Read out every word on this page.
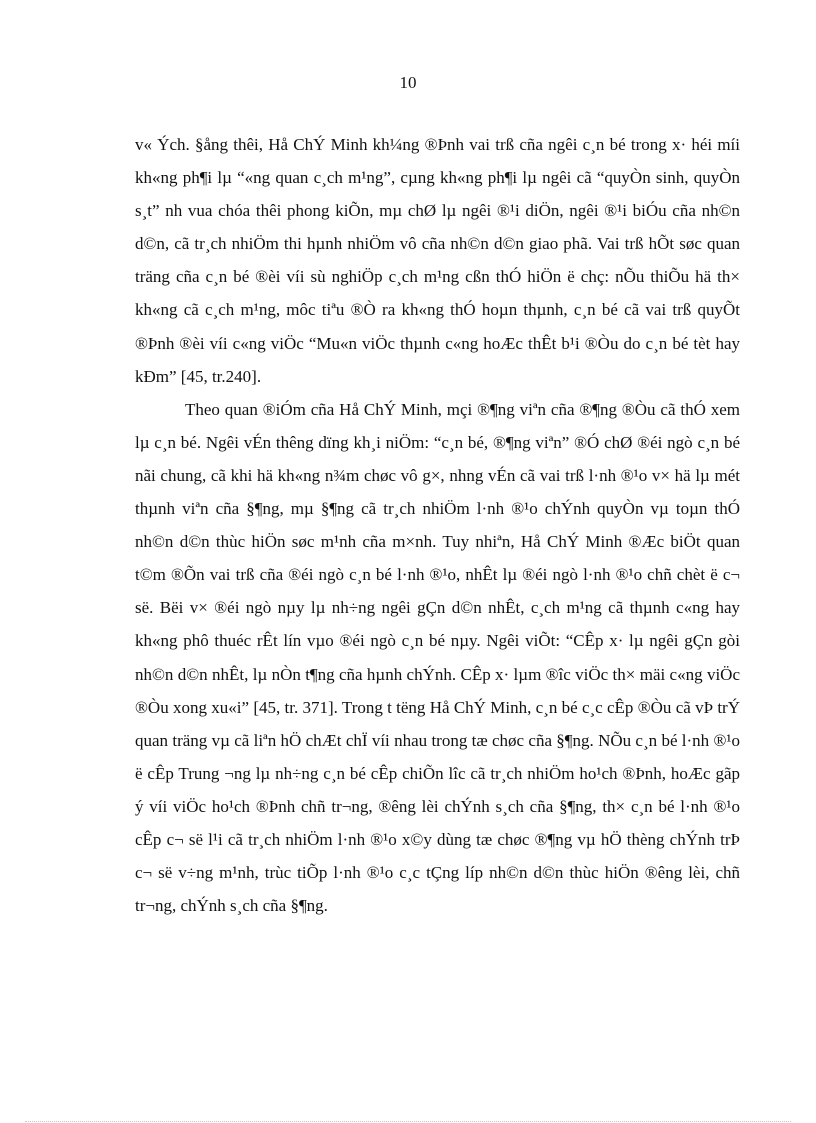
10

v« Ých. §ång thêi, Hå ChÝ Minh kh¼ng ®Þnh vai trß cña ngêi c¸n bé trong x· héi míi kh«ng ph¶i lµ “«ng quan c¸ch m¹ng”, cµng kh«ng ph¶i lµ ngêi cã “quyÒn sinh, quyÒn s¸t” nh vua chóa thêi phong kiÕn, mµ chØ lµ ngêi ®¹i diÖn, ngêi ®¹i biÓu cña nh©n d©n, cã tr¸ch nhiÖm thi hµnh nhiÖm vô cña nh©n d©n giao phã. Vai trß hÕt søc quan träng cña c¸n bé ®èi víi sù nghiÖp c¸ch m¹ng cßn thÓ hiÖn ë chç: nÕu thiÕu hä th× kh«ng cã c¸ch m¹ng, môc tiªu ®Ò ra kh«ng thÓ hoµn thµnh, c¸n bé cã vai trß quyÕt ®Þnh ®èi víi c«ng viÖc “Mu«n viÖc thµnh c«ng hoÆc thÊt b¹i ®Òu do c¸n bé tèt hay kÐm” [45, tr.240].

Theo quan ®iÓm cña Hå ChÝ Minh, mçi ®¶ng viªn cña ®¶ng ®Òu cã thÓ xem lµ c¸n bé. Ngêi vÉn thêng dïng kh¸i niÖm: “c¸n bé, ®¶ng viªn” ®Ó chØ ®éi ngò c¸n bé nãi chung, cã khi hä kh«ng n¾m chøc vô g×, nhng vÉn cã vai trß l·nh ®¹o v× hä lµ mét thµnh viªn cña §¶ng, mµ §¶ng cã tr¸ch nhiÖm l·nh ®¹o chÝnh quyÒn vµ toµn thÓ nh©n d©n thùc hiÖn søc m¹nh cña m×nh. Tuy nhiªn, Hå ChÝ Minh ®Æc biÖt quan t©m ®Õn vai trß cña ®éi ngò c¸n bé l·nh ®¹o, nhÊt lµ ®éi ngò l·nh ®¹o chñ chèt ë c¬ së. Bëi v× ®éi ngò nµy lµ nh÷ng ngêi gÇn d©n nhÊt, c¸ch m¹ng cã thµnh c«ng hay kh«ng phô thuéc rÊt lín vµo ®éi ngò c¸n bé nµy. Ngêi viÕt: “CÊp x· lµ ngêi gÇn gòi nh©n d©n nhÊt, lµ nÒn t¶ng cña hµnh chÝnh. CÊp x· lµm ®îc viÖc th× mäi c«ng viÖc ®Òu xong xu«i” [45, tr. 371]. Trong t tëng Hå ChÝ Minh, c¸n bé c¸c cÊp ®Òu cã vÞ trÝ quan träng vµ cã liªn hÖ chÆt chÏ víi nhau trong tæ chøc cña §¶ng. NÕu c¸n bé l·nh ®¹o ë cÊp Trung ¬ng lµ nh÷ng c¸n bé cÊp chiÕn lîc cã tr¸ch nhiÖm ho¹ch ®Þnh, hoÆc gãp ý víi viÖc ho¹ch ®Þnh chñ tr¬ng, ®êng lèi chÝnh s¸ch cña §¶ng, th× c¸n bé l·nh ®¹o cÊp c¬ së l¹i cã tr¸ch nhiÖm l·nh ®¹o x©y dùng tæ chøc ®¶ng vµ hÖ thèng chÝnh trÞ c¬ së v÷ng m¹nh, trùc tiÕp l·nh ®¹o c¸c tÇng líp nh©n d©n thùc hiÖn ®êng lèi, chñ tr¬ng, chÝnh s¸ch cña §¶ng.
